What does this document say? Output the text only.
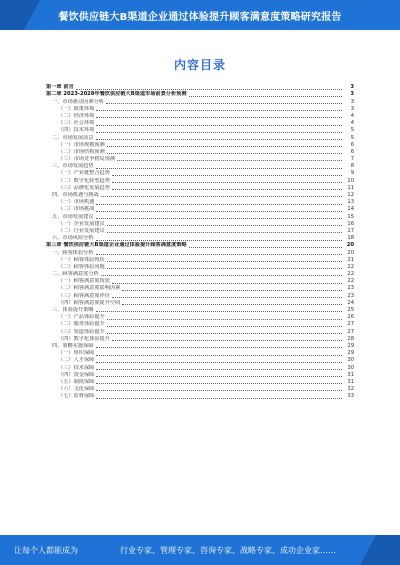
餐饮供应链大B渠道企业通过体验提升顾客满意度策略研究报告
内容目录
第一章 前言	3
第二章 2023-2028年餐饮供应链大B渠道市场前景分析预测	3
一、市场驱动因素分析	3
（一）政策环境	3
（二）经济环境	4
（三）社会环境	4
（四）技术环境	5
二、市场发展前景	5
（一）市场规模预测	6
（二）市场结构预测	6
（三）市场竞争格局预测	7
三、市场发展趋势	8
（一）产业链整合趋势	9
（二）数字化转型趋势	10
（三）品牌化发展趋势	11
四、市场机遇与挑战	12
（一）市场机遇	13
（二）市场挑战	14
五、市场发展建议	15
（一）企业发展建议	16
（二）行业发展建议	17
六、市场风险分析	18
第三章 餐饮供应链大B渠道企业通过体验提升顾客满意度策略	20
一、顾客体验分析	20
（一）顾客体验现状	21
（二）顾客体验问题	22
二、顾客满意度分析	22
（一）顾客满意度现状	22
（二）顾客满意度影响因素	23
（三）顾客满意度评价	23
（四）顾客满意度提升空间	24
三、体验提升策略	25
（一）产品体验提升	26
（二）服务体验提升	27
（三）渠道体验提升	27
（四）数字化体验提升	28
四、策略实施保障	29
（一）组织保障	29
（二）人才保障	30
（三）技术保障	30
（四）资金保障	31
（五）制度保障	31
（六）文化保障	32
（七）监督保障	33
让每个人都能成为	行业专家、管理专家、咨询专家、战略专家、成功企业家……
